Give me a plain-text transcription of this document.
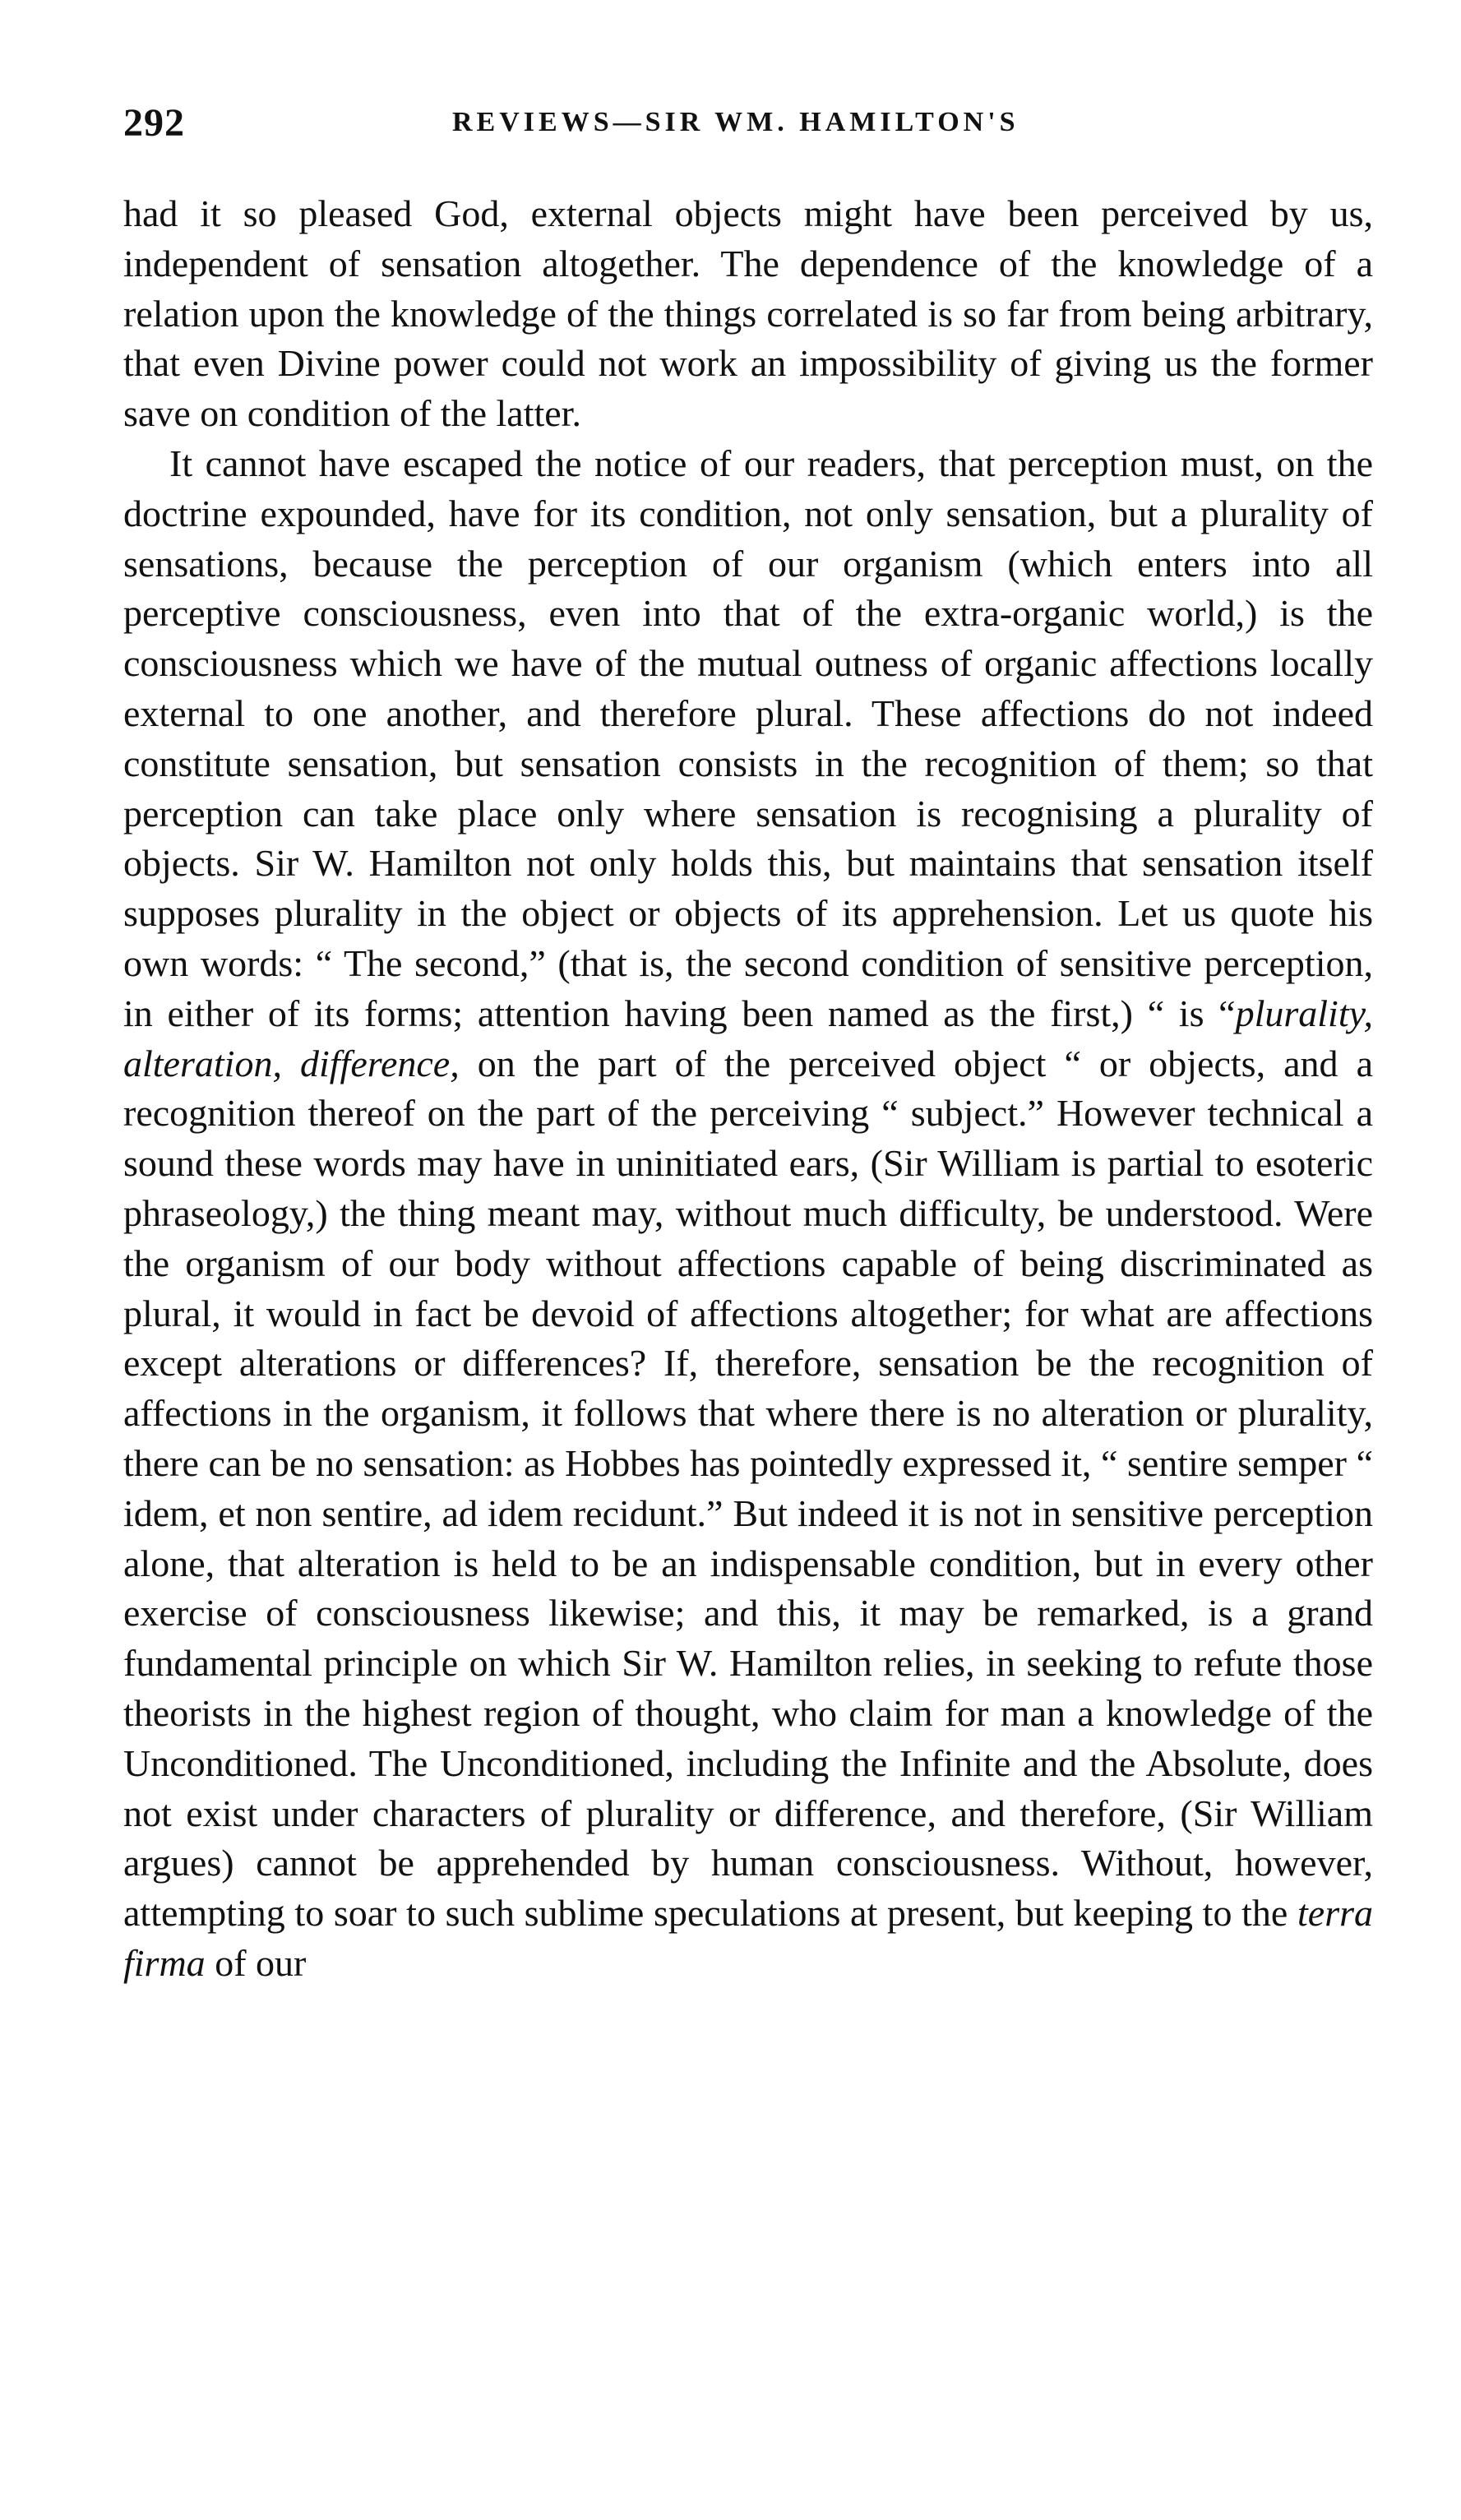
292	REVIEWS—SIR WM. HAMILTON'S

had it so pleased God, external objects might have been perceived by us, independent of sensation altogether. The dependence of the knowledge of a relation upon the knowledge of the things correlated is so far from being arbitrary, that even Divine power could not work an impossibility of giving us the former save on condition of the latter.

It cannot have escaped the notice of our readers, that perception must, on the doctrine expounded, have for its condition, not only sensation, but a plurality of sensations, because the perception of our organism (which enters into all perceptive consciousness, even into that of the extra-organic world,) is the consciousness which we have of the mutual outness of organic affections locally external to one another, and therefore plural. These affections do not indeed constitute sensation, but sensation consists in the recognition of them; so that perception can take place only where sensation is recognising a plurality of objects. Sir W. Hamilton not only holds this, but maintains that sensation itself supposes plurality in the object or objects of its apprehension. Let us quote his own words: “ The second,” (that is, the second condition of sensitive perception, in either of its forms; attention having been named as the first,) “ is “plurality, alteration, difference, on the part of the perceived object “ or objects, and a recognition thereof on the part of the perceiving “ subject.” However technical a sound these words may have in uninitiated ears, (Sir William is partial to esoteric phraseology,) the thing meant may, without much difficulty, be understood. Were the organism of our body without affections capable of being discriminated as plural, it would in fact be devoid of affections altogether; for what are affections except alterations or differences? If, therefore, sensation be the recognition of affections in the organism, it follows that where there is no alteration or plurality, there can be no sensation: as Hobbes has pointedly expressed it, “ sentire semper “ idem, et non sentire, ad idem recidunt.” But indeed it is not in sensitive perception alone, that alteration is held to be an indispensable condition, but in every other exercise of consciousness likewise; and this, it may be remarked, is a grand fundamental principle on which Sir W. Hamilton relies, in seeking to refute those theorists in the highest region of thought, who claim for man a knowledge of the Unconditioned. The Unconditioned, including the Infinite and the Absolute, does not exist under characters of plurality or difference, and therefore, (Sir William argues) cannot be apprehended by human consciousness. Without, however, attempting to soar to such sublime speculations at present, but keeping to the terra firma of our
